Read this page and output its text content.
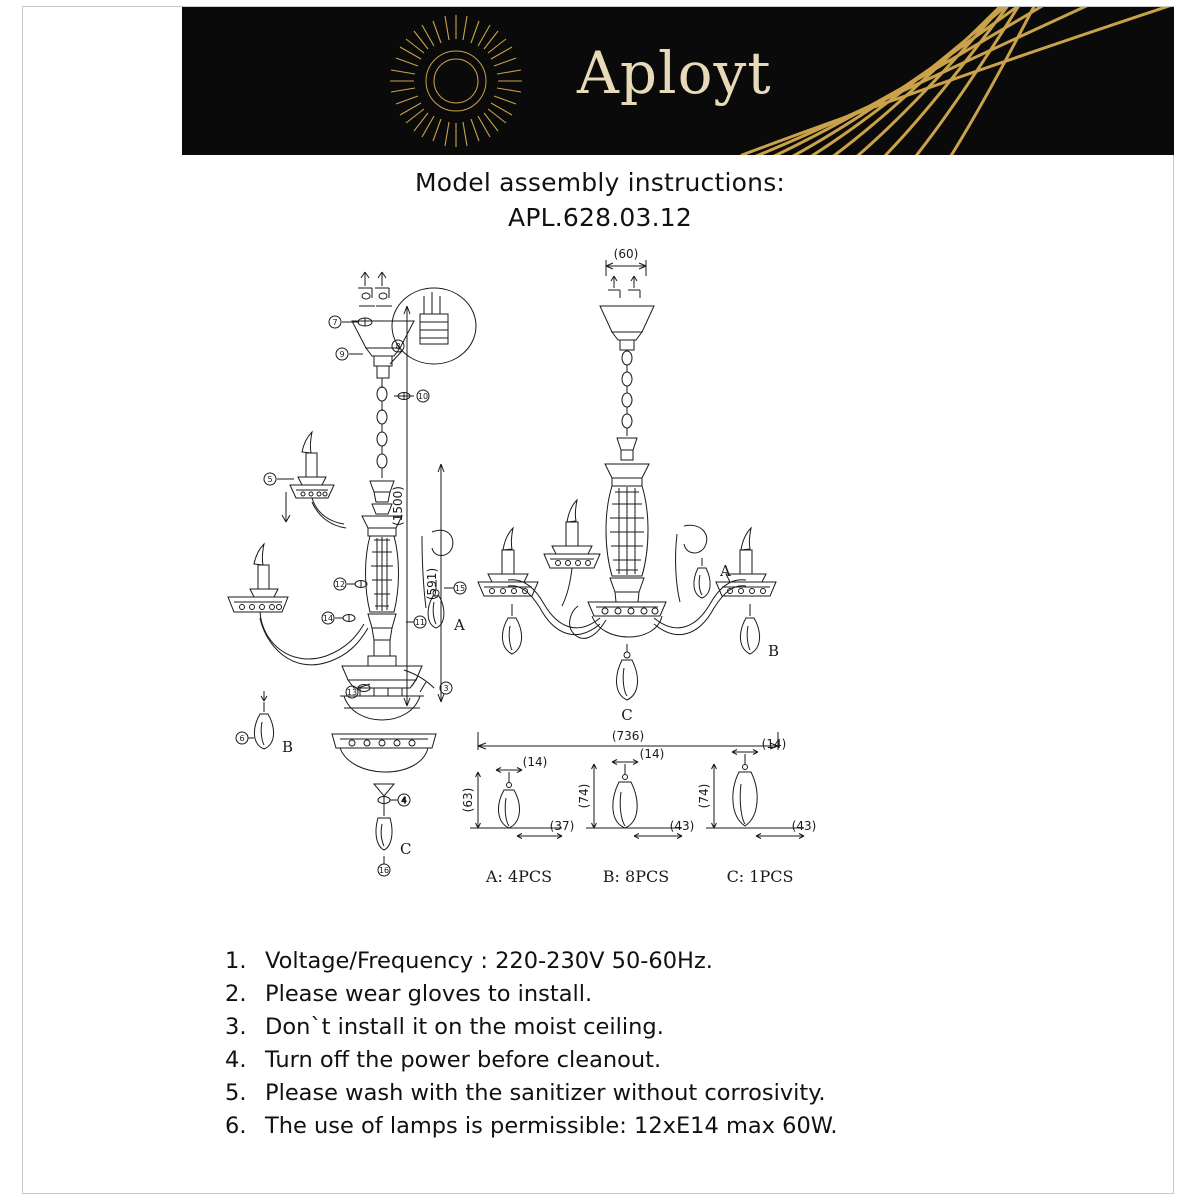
Aployt
Model assembly instructions:
APL.628.03.12
7
9
8
10
5
A
15
11
12
14
13	3
4
C
16
B
6
(60)
A
B
C
(1500)
(591)
(736)
(14)
(63)
(37)
A: 4PCS
(14)
(74)
(43)
B: 8PCS
(14)
(74)
(43)
C: 1PCS
1. Voltage/Frequency : 220-230V 50-60Hz.
2. Please wear gloves to install.
3. Don`t install it on the moist ceiling.
4. Turn off the power before cleanout.
5. Please wash with the sanitizer without corrosivity.
6. The use of lamps is permissible: 12xE14 max 60W.
